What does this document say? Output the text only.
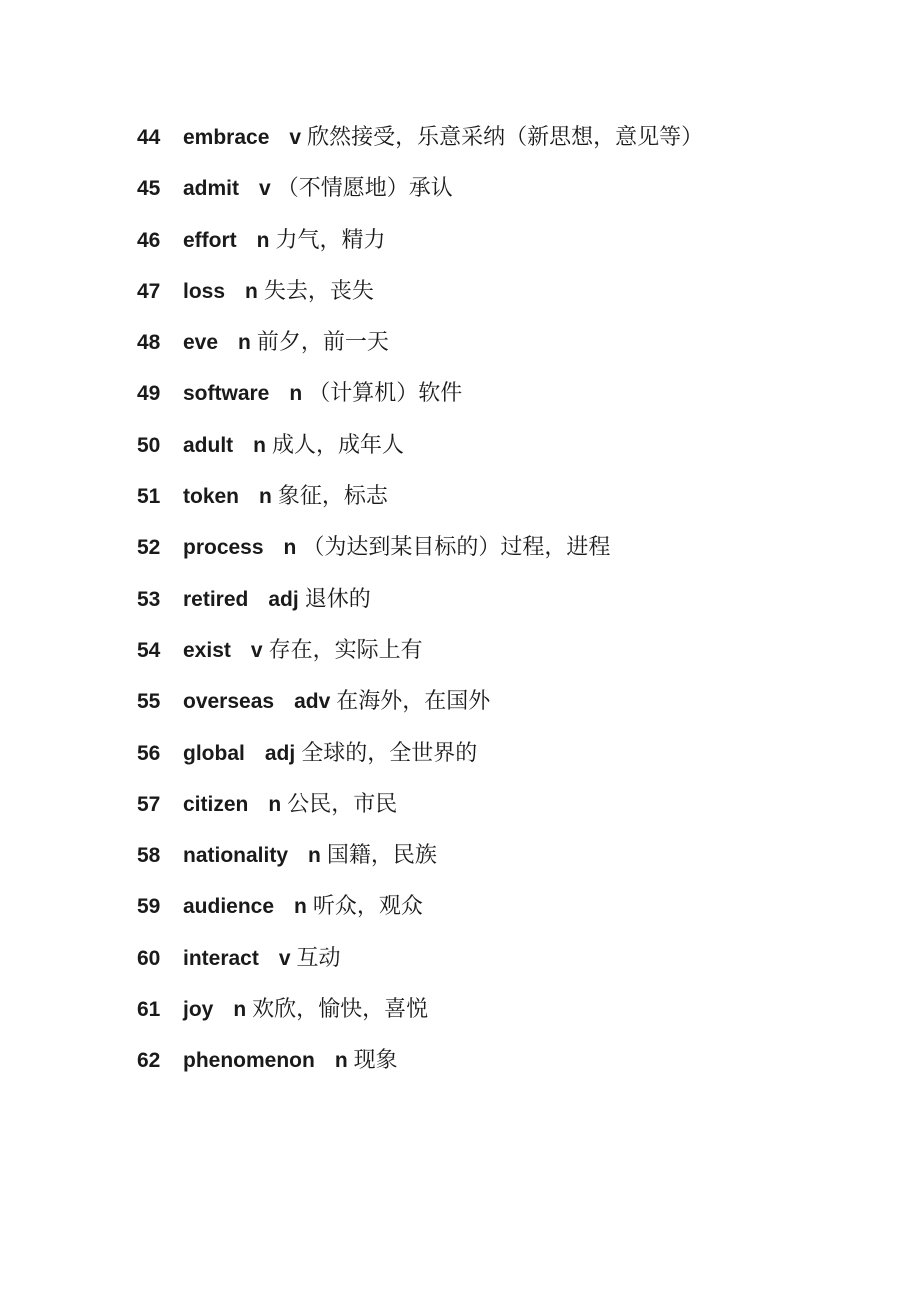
44 embrace v 欣然接受，乐意采纳（新思想，意见等）
45 admit v （不情愿地）承认
46 effort n 力气，精力
47 loss n 失去，丧失
48 eve n 前夕，前一天
49 software n （计算机）软件
50 adult n 成人，成年人
51 token n 象征，标志
52 process n （为达到某目标的）过程，进程
53 retired adj 退休的
54 exist v 存在，实际上有
55 overseas adv 在海外，在国外
56 global adj 全球的，全世界的
57 citizen n 公民，市民
58 nationality n 国籍，民族
59 audience n 听众，观众
60 interact v 互动
61 joy n 欢欣，愉快，喜悦
62 phenomenon n 现象
